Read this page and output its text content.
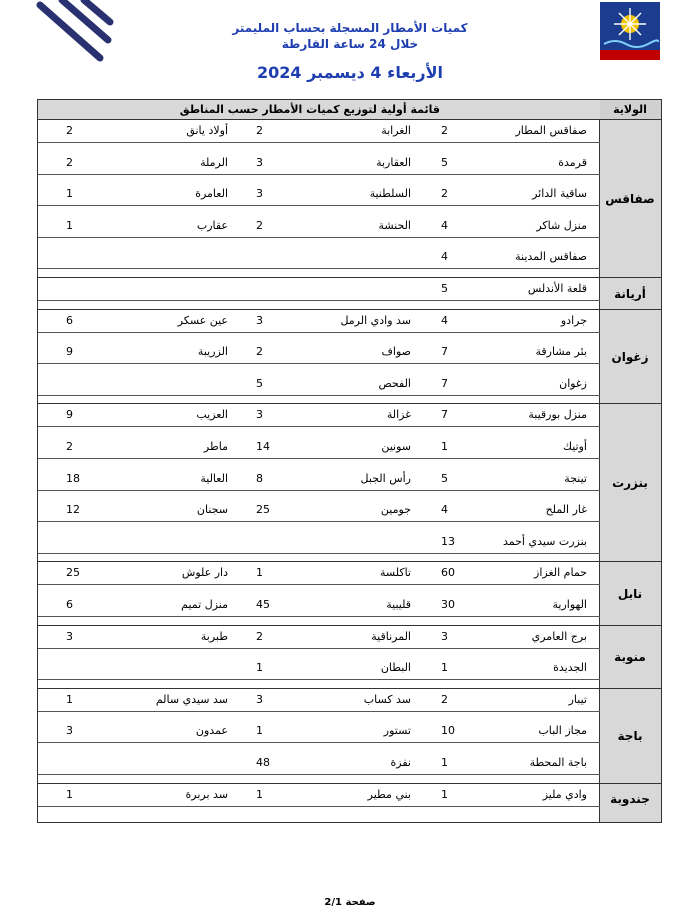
كميات الأمطار المسجلة بحساب المليمتر
خلال 24 ساعة القارطة
الأربعاء 4 ديسمبر 2024
الولاية
قائمة أولية لتوزيع كميات الأمطار حسب المناطق
صفاقس المطار
2
الغرابة
2
أولاد يانق
2
قرمدة
5
العقاربة
3
الرملة
2
ساقية الدائر
2
السلطنية
3
العامرة
1
منزل شاكر
4
الحنشة
2
عقارب
1
صفاقس المدينة
4
صفاقس
قلعة الأندلس
5	أريانة
جرادو
4
سد وادي الرمل
3
عين عسكر
6
بئر مشارقة
7
صواف
2
الزريبة
9
زغوان
7
الفحص
5
زغوان
منزل بورقيبة
7
غزالة
3
العزيب
9
أوتيك
1
سونين
14
ماطر
2
تينجة
5
رأس الجبل
8
العالية
18
غار الملح
4
جومين
25
سجنان
12
بنزرت سيدي أحمد
13
بنزرت
حمام الغزاز
60
تاكلسة
1
دار علوش
25
الهوارية
30
قليبية
45
منزل تميم
6
نابل
برج العامري
3
المرناقية
2
طبربة
3
الجديدة
1
البطان
1
منوبة
تيبار
2
سد كساب
3
سد سيدي سالم
1
مجاز الباب
10
تستور
1
عمدون
3
باجة المحطة
1
نفزة
48
باجة
وادي مليز
1
بني مطير
1
سد بربرة
1	جندوبة
صفحة 2/1
